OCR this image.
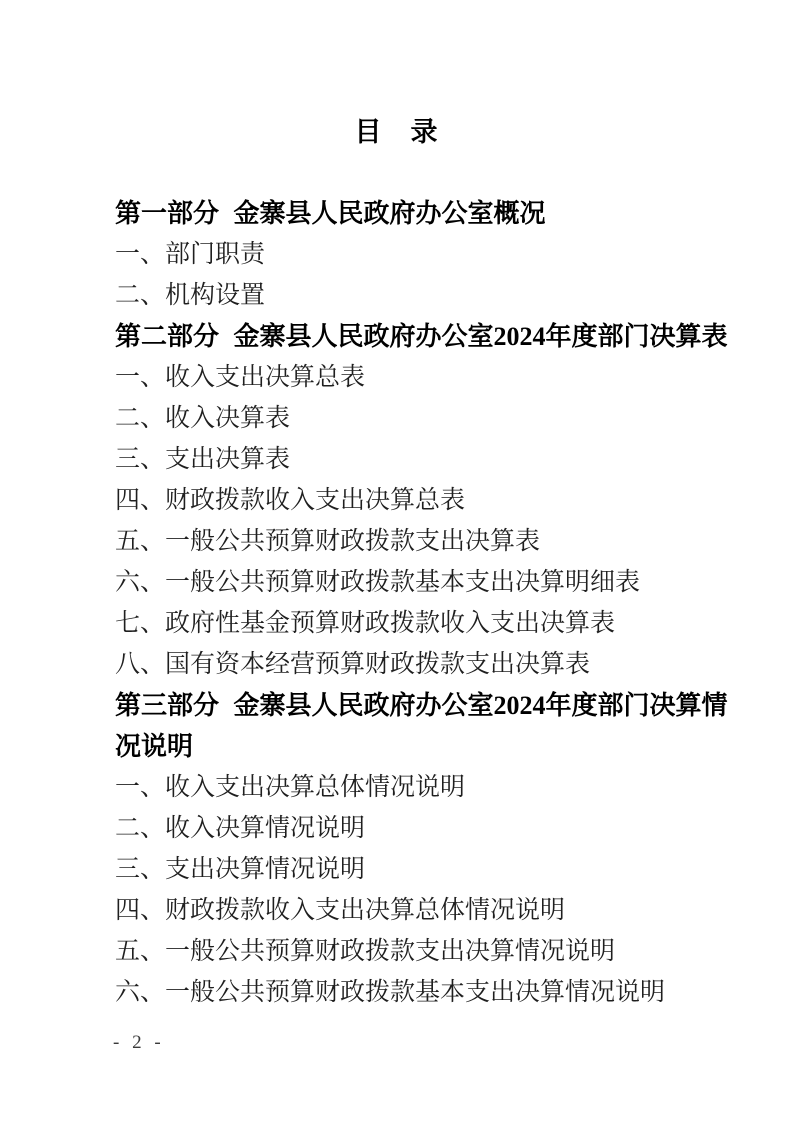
目　录

第一部分 金寨县人民政府办公室概况

一、部门职责

二、机构设置

第二部分 金寨县人民政府办公室2024年度部门决算表

一、收入支出决算总表

二、收入决算表

三、支出决算表

四、财政拨款收入支出决算总表

五、一般公共预算财政拨款支出决算表

六、一般公共预算财政拨款基本支出决算明细表

七、政府性基金预算财政拨款收入支出决算表

八、国有资本经营预算财政拨款支出决算表

第三部分 金寨县人民政府办公室2024年度部门决算情

况说明

一、收入支出决算总体情况说明

二、收入决算情况说明

三、支出决算情况说明

四、财政拨款收入支出决算总体情况说明

五、一般公共预算财政拨款支出决算情况说明

六、一般公共预算财政拨款基本支出决算情况说明

- 2 -
